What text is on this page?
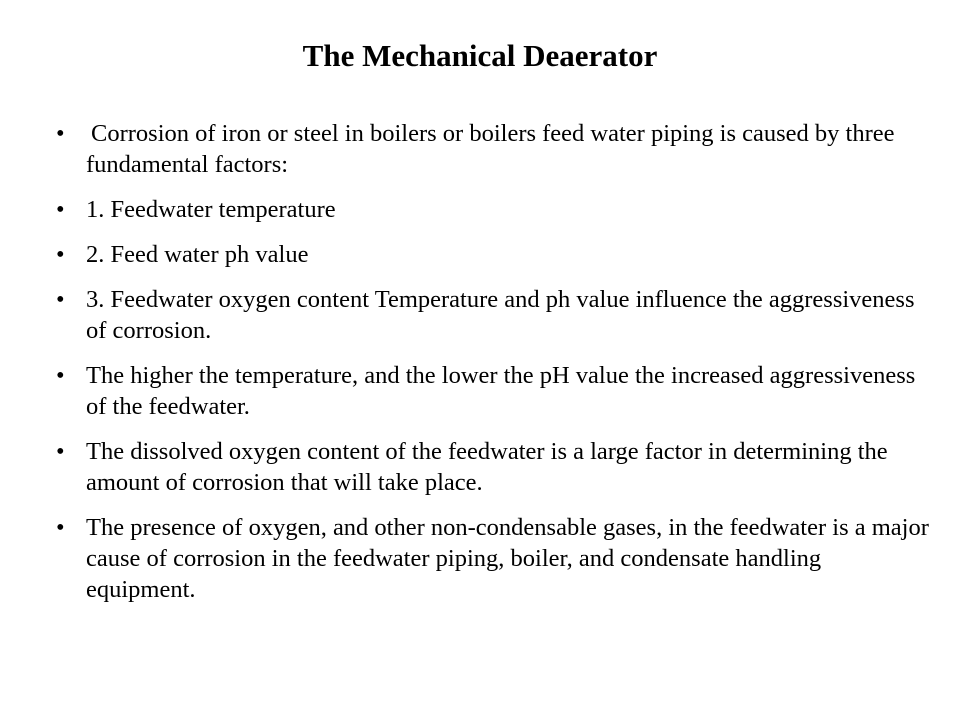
The Mechanical Deaerator
•	Corrosion of iron or steel in boilers or boilers feed water piping is caused by three fundamental factors:
• 1. Feedwater temperature
• 2. Feed water ph value
• 3. Feedwater oxygen content Temperature and ph value influence the aggressiveness of corrosion.
• The higher the temperature, and the lower the pH value the increased aggressiveness of the feedwater.
• The dissolved oxygen content of the feedwater is a large factor in determining the amount of corrosion that will take place.
• The presence of oxygen, and other non-condensable gases, in the feedwater is a major cause of corrosion in the feedwater piping, boiler, and condensate handling equipment.
